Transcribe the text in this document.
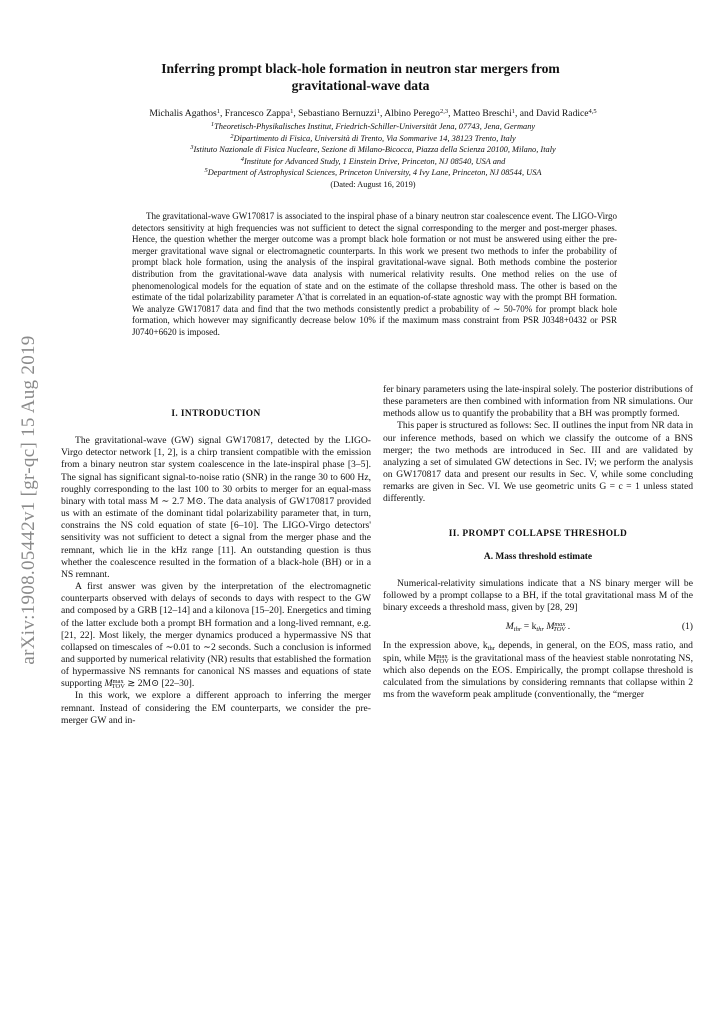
arXiv:1908.05442v1 [gr-qc] 15 Aug 2019
Inferring prompt black-hole formation in neutron star mergers from
gravitational-wave data
Michalis Agathos$^1$, Francesco Zappa$^1$, Sebastiano Bernuzzi$^1$, Albino Perego$^{2,3}$, Matteo Breschi$^1$, and David Radice$^{4,5}$
$^1$Theoretisch-Physikalisches Institut, Friedrich-Schiller-Universität Jena, 07743, Jena, Germany
$^2$Dipartimento di Fisica, Università di Trento, Via Sommarive 14, 38123 Trento, Italy
$^3$Istituto Nazionale di Fisica Nucleare, Sezione di Milano-Bicocca, Piazza della Scienza 20100, Milano, Italy
$^4$Institute for Advanced Study, 1 Einstein Drive, Princeton, NJ 08540, USA and
$^5$Department of Astrophysical Sciences, Princeton University, 4 Ivy Lane, Princeton, NJ 08544, USA
(Dated: August 16, 2019)
The gravitational-wave GW170817 is associated to the inspiral phase of a binary neutron star coalescence event. The LIGO-Virgo detectors sensitivity at high frequencies was not sufficient to detect the signal corresponding to the merger and post-merger phases. Hence, the question whether the merger outcome was a prompt black hole formation or not must be answered using either the pre-merger gravitational wave signal or electromagnetic counterparts. In this work we present two methods to infer the probability of prompt black hole formation, using the analysis of the inspiral gravitational-wave signal. Both methods combine the posterior distribution from the gravitational-wave data analysis with numerical relativity results. One method relies on the use of phenomenological models for the equation of state and on the estimate of the collapse threshold mass. The other is based on the estimate of the tidal polarizability parameter Λ̃ that is correlated in an equation-of-state agnostic way with the prompt BH formation. We analyze GW170817 data and find that the two methods consistently predict a probability of ∼ 50-70% for prompt black hole formation, which however may significantly decrease below 10% if the maximum mass constraint from PSR J0348+0432 or PSR J0740+6620 is imposed.

I. INTRODUCTION

The gravitational-wave (GW) signal GW170817, detected by the LIGO-Virgo detector network [1, 2], is a chirp transient compatible with the emission from a binary neutron star system coalescence in the late-inspiral phase [3–5]. The signal has significant signal-to-noise ratio (SNR) in the range 30 to 600 Hz, roughly corresponding to the last 100 to 30 orbits to merger for an equal-mass binary with total mass M ∼ 2.7 M⊙. The data analysis of GW170817 provided us with an estimate of the dominant tidal polarizability parameter that, in turn, constrains the NS cold equation of state [6–10]. The LIGO-Virgo detectors' sensitivity was not sufficient to detect a signal from the merger phase and the remnant, which lie in the kHz range [11]. An outstanding question is thus whether the coalescence resulted in the formation of a black-hole (BH) or in a NS remnant.

A first answer was given by the interpretation of the electromagnetic counterparts observed with delays of seconds to days with respect to the GW and composed by a GRB [12–14] and a kilonova [15–20]. Energetics and timing of the latter exclude both a prompt BH formation and a long-lived remnant, e.g. [21, 22]. Most likely, the merger dynamics produced a hypermassive NS that collapsed on timescales of ∼0.01 to ∼2 seconds. Such a conclusion is informed and supported by numerical relativity (NR) results that established the formation of hypermassive NS remnants for canonical NS masses and equations of state supporting $M^{max}_{TOV}$ ≳ 2M⊙ [22–30].

In this work, we explore a different approach to inferring the merger remnant. Instead of considering the EM counterparts, we consider the pre-merger GW and in-

fer binary parameters using the late-inspiral solely. The posterior distributions of these parameters are then combined with information from NR simulations. Our methods allow us to quantify the probability that a BH was promptly formed.

This paper is structured as follows: Sec. II outlines the input from NR data in our inference methods, based on which we classify the outcome of a BNS merger; the two methods are introduced in Sec. III and are validated by analyzing a set of simulated GW detections in Sec. IV; we perform the analysis on GW170817 data and present our results in Sec. V, while some concluding remarks are given in Sec. VI. We use geometric units G = c = 1 unless stated differently.

II. PROMPT COLLAPSE THRESHOLD

A. Mass threshold estimate

Numerical-relativity simulations indicate that a NS binary merger will be followed by a prompt collapse to a BH, if the total gravitational mass M of the binary exceeds a threshold mass, given by [28, 29]

$M_{thr} = k_{thr}$ $M^{max}_{TOV}$ .	(1)

In the expression above, $k_{thr}$ depends, in general, on the EOS, mass ratio, and spin, while $M^{max}_{TOV}$ is the gravitational mass of the heaviest stable nonrotating NS, which also depends on the EOS. Empirically, the prompt collapse threshold is calculated from the simulations by considering remnants that collapse within 2 ms from the waveform peak amplitude (conventionally, the “merger
